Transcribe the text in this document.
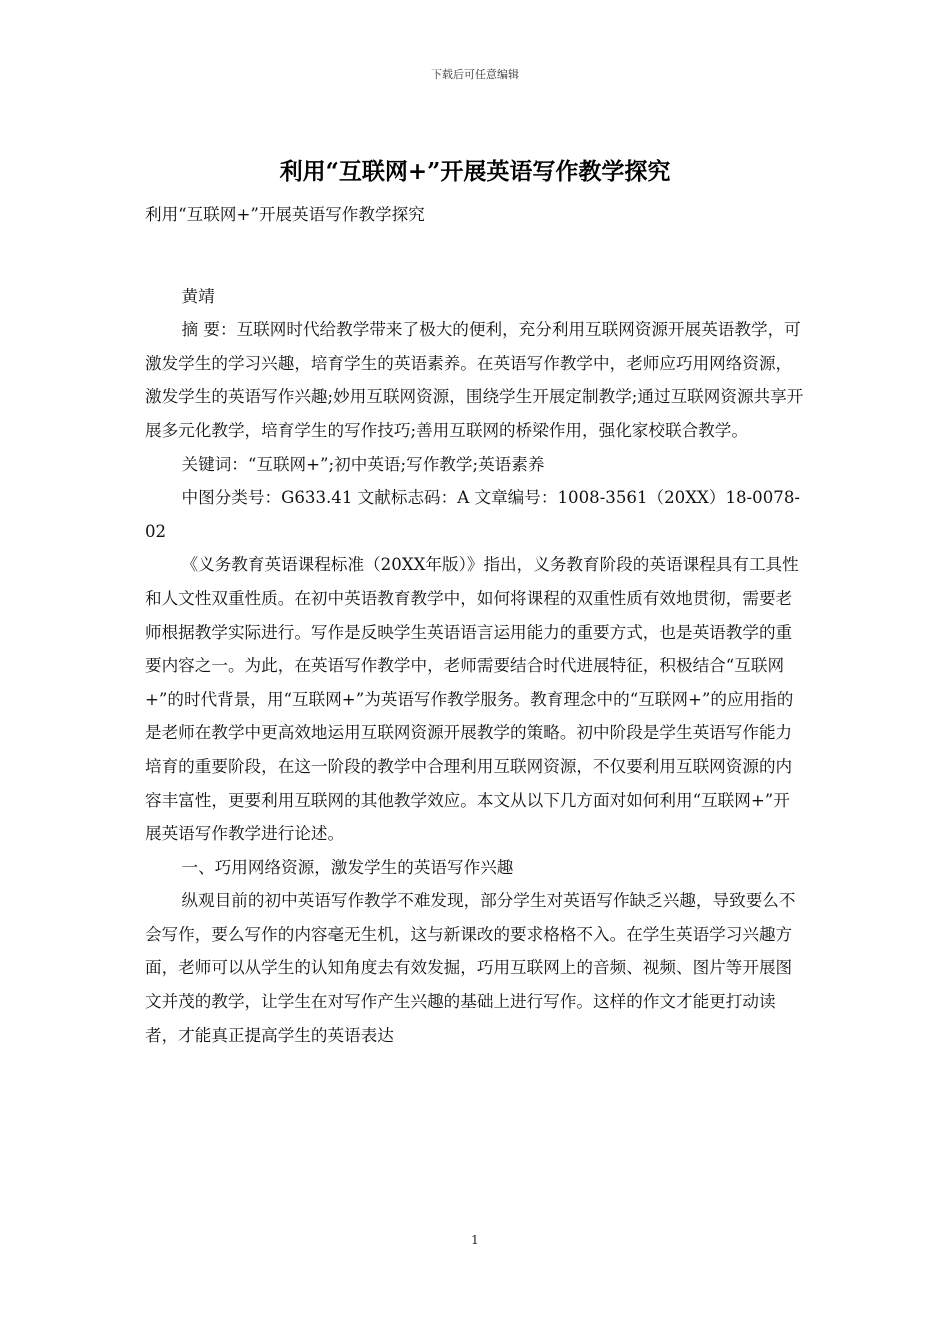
下载后可任意编辑
利用“互联网+”开展英语写作教学探究

利用“互联网+”开展英语写作教学探究

黄靖

摘 要：互联网时代给教学带来了极大的便利，充分利用互联网资源开展英语教学，可激发学生的学习兴趣，培育学生的英语素养。在英语写作教学中，老师应巧用网络资源，激发学生的英语写作兴趣;妙用互联网资源，围绕学生开展定制教学;通过互联网资源共享开展多元化教学，培育学生的写作技巧;善用互联网的桥梁作用，强化家校联合教学。

关键词：“互联网+”;初中英语;写作教学;英语素养

中图分类号：G633.41 文献标志码：A 文章编号：1008-3561（20XX）18-0078-02

《义务教育英语课程标准（20XX年版）》指出，义务教育阶段的英语课程具有工具性和人文性双重性质。在初中英语教育教学中，如何将课程的双重性质有效地贯彻，需要老师根据教学实际进行。写作是反映学生英语语言运用能力的重要方式，也是英语教学的重要内容之一。为此，在英语写作教学中，老师需要结合时代进展特征，积极结合“互联网+”的时代背景，用“互联网+”为英语写作教学服务。教育理念中的“互联网+”的应用指的是老师在教学中更高效地运用互联网资源开展教学的策略。初中阶段是学生英语写作能力培育的重要阶段，在这一阶段的教学中合理利用互联网资源，不仅要利用互联网资源的内容丰富性，更要利用互联网的其他教学效应。本文从以下几方面对如何利用“互联网+”开展英语写作教学进行论述。

一、巧用网络资源，激发学生的英语写作兴趣

纵观目前的初中英语写作教学不难发现，部分学生对英语写作缺乏兴趣，导致要么不会写作，要么写作的内容毫无生机，这与新课改的要求格格不入。在学生英语学习兴趣方面，老师可以从学生的认知角度去有效发掘，巧用互联网上的音频、视频、图片等开展图文并茂的教学，让学生在对写作产生兴趣的基础上进行写作。这样的作文才能更打动读者，才能真正提高学生的英语表达

1
